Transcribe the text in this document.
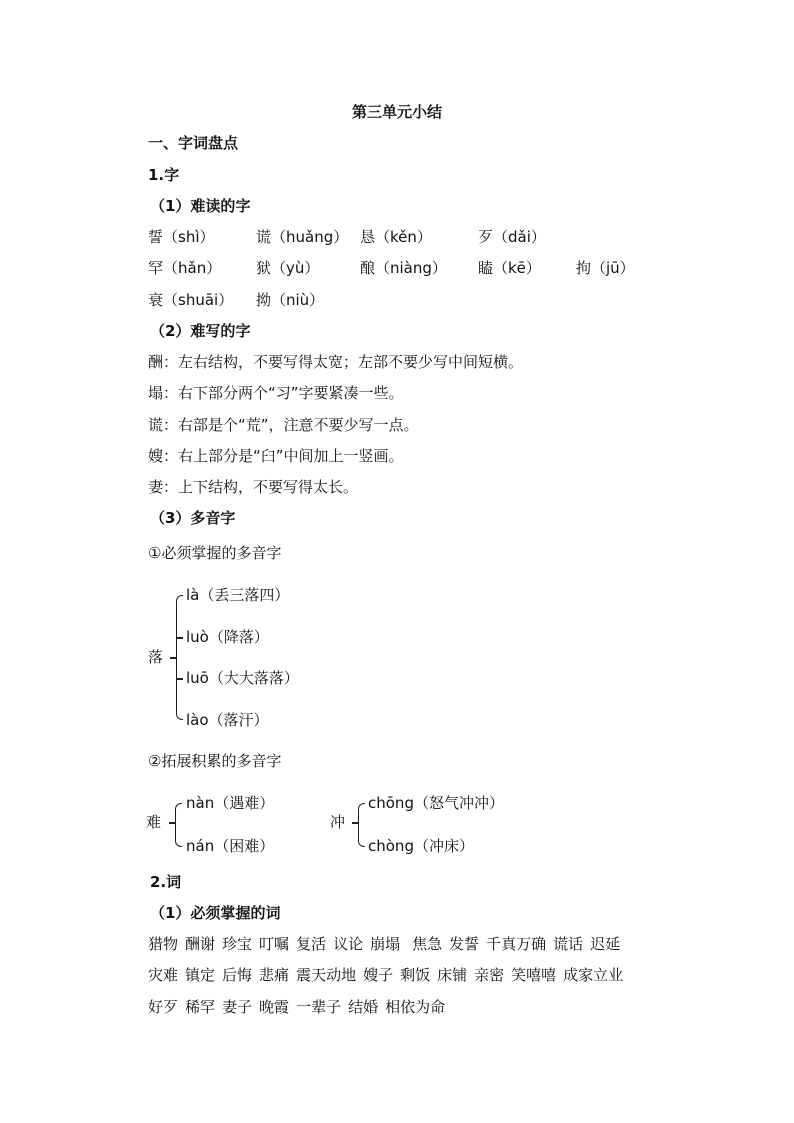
第三单元小结
一、字词盘点
1.字
（1）难读的字
誓（shì）	谎（huǎng） 恳（kěn）	歹（dǎi）
罕（hǎn） 狱（yù）	酿（niàng） 瞌（kē） 拘（jū）
衰（shuāi） 拗（niù）
（2）难写的字
酬：左右结构，不要写得太宽；左部不要少写中间短横。
塌：右下部分两个“习”字要紧凑一些。
谎：右部是个“荒”，注意不要少写一点。
嫂：右上部分是“臼”中间加上一竖画。
妻：上下结构，不要写得太长。
（3）多音字
①必须掌握的多音字
落
là（丢三落四）
luò（降落）
luō（大大落落）
lào（落汗）
②拓展积累的多音字
难
nàn（遇难）
nán（困难）
冲
chōng（怒气冲冲）
chòng（冲床）
2.词
（1）必须掌握的词
猎物 酬谢 珍宝 叮嘱 复活 议论 崩塌 焦急 发誓 千真万确 谎话 迟延
灾难 镇定 后悔 悲痛 震天动地 嫂子 剩饭 床铺 亲密 笑嘻嘻 成家立业
好歹 稀罕 妻子 晚霞 一辈子 结婚 相依为命
